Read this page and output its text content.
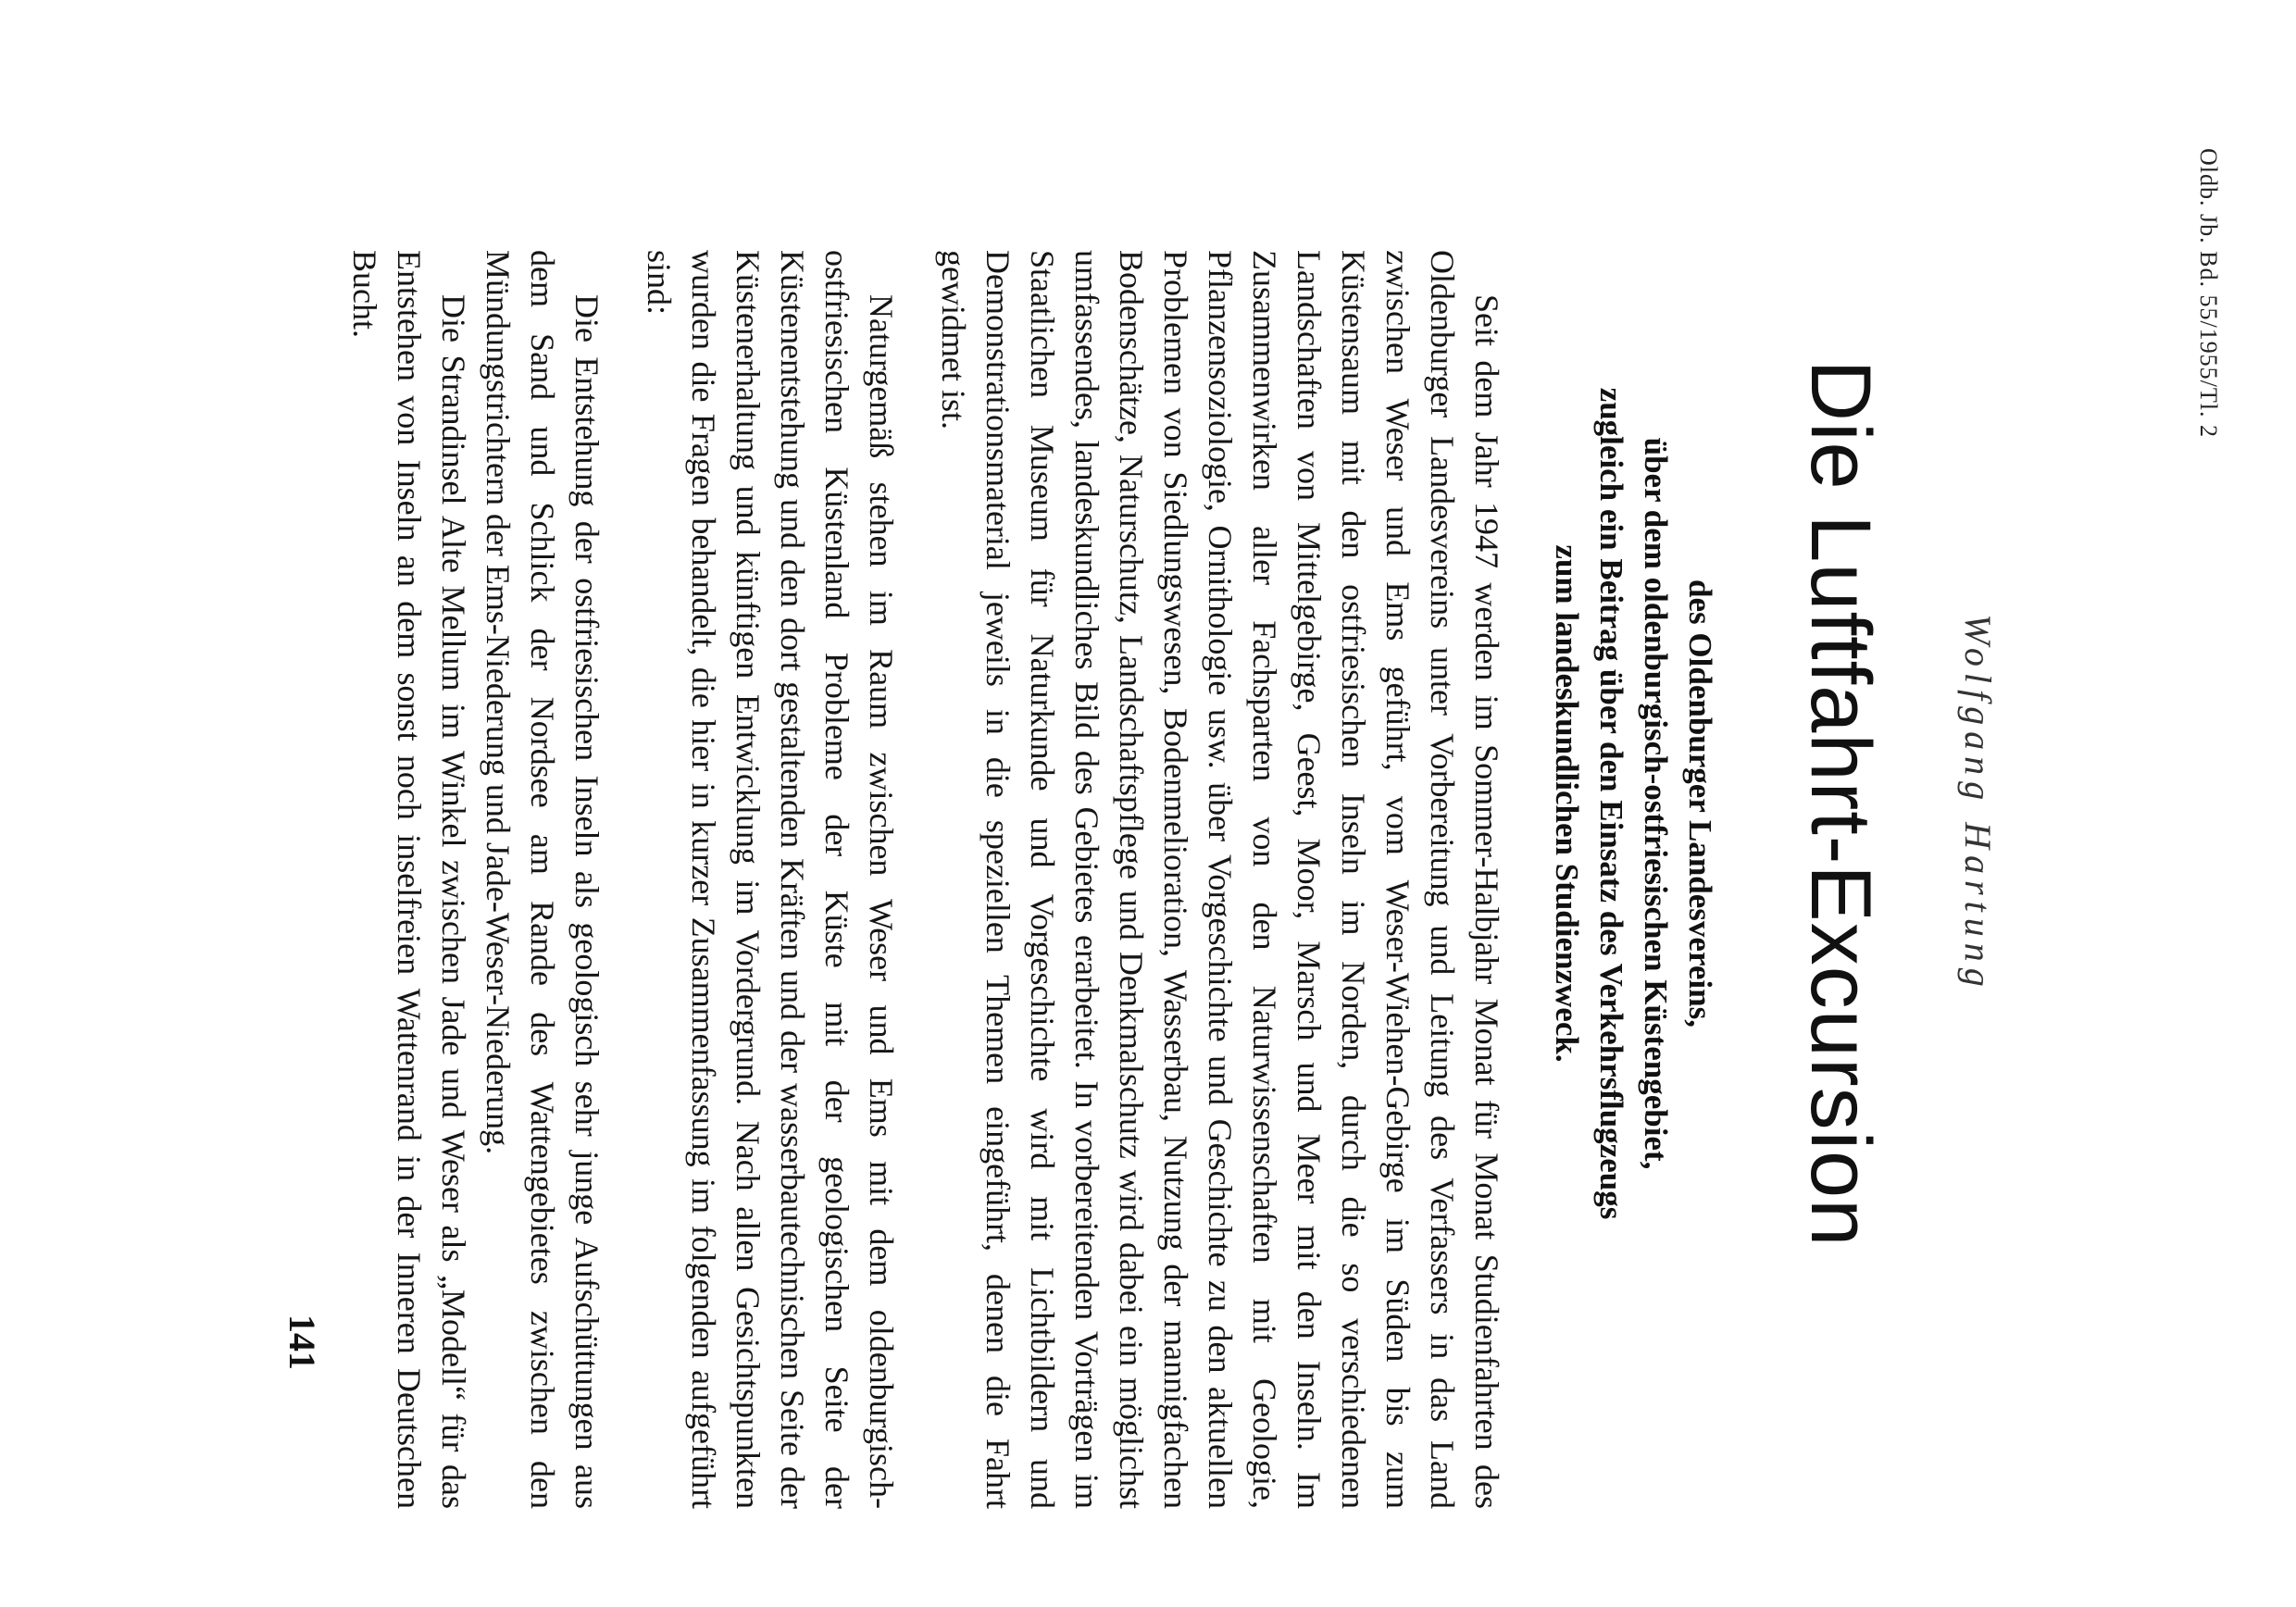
Oldb. Jb. Bd. 55/1955/Tl. 2
Wolfgang Hartung
Die Luftfahrt-Excursion
des Oldenburger Landesvereins,
über dem oldenburgisch-ostfriesischen Küstengebiet,
zugleich ein Beitrag über den Einsatz des Verkehrsflugzeugs
zum landeskundlichen Studienzweck.

Seit dem Jahr 1947 werden im Sommer-Halbjahr Monat für Monat Studienfahrten des Oldenburger Landesvereins unter Vorbereitung und Leitung des Verfassers in das Land zwischen Weser und Ems geführt, vom Weser-Wiehen-Gebirge im Süden bis zum Küstensaum mit den ostfriesischen Inseln im Norden, durch die so verschiedenen Landschaften von Mittelgebirge, Geest, Moor, Marsch und Meer mit den Inseln. Im Zusammenwirken aller Fachsparten von den Naturwissenschaften mit Geologie, Pflanzensoziologie, Ornithologie usw. über Vorgeschichte und Geschichte zu den aktuellen Problemen von Siedlungswesen, Bodenmelioration, Wasserbau, Nutzung der mannigfachen Bodenschätze, Naturschutz, Landschaftspflege und Denkmalschutz wird dabei ein möglichst umfassendes, landeskundliches Bild des Gebietes erarbeitet. In vorbereitenden Vorträgen im Staatlichen Museum für Naturkunde und Vorgeschichte wird mit Lichtbildern und Demonstrationsmaterial jeweils in die speziellen Themen eingeführt, denen die Fahrt gewidmet ist.

Naturgemäß stehen im Raum zwischen Weser und Ems mit dem oldenburgisch-ostfriesischen Küstenland Probleme der Küste mit der geologischen Seite der Küstenentstehung und den dort gestaltenden Kräften und der wasserbautechnischen Seite der Küstenerhaltung und künftigen Entwicklung im Vordergrund. Nach allen Gesichtspunkten wurden die Fragen behandelt, die hier in kurzer Zusammenfassung im folgenden aufgeführt sind:

Die Entstehung der ostfriesischen Inseln als geologisch sehr junge Aufschüttungen aus dem Sand und Schlick der Nordsee am Rande des Wattengebietes zwischen den Mündungstrichtern der Ems-Niederung und Jade-Weser-Niederung.

Die Strandinsel Alte Mellum im Winkel zwischen Jade und Weser als „Modell“ für das Entstehen von Inseln an dem sonst noch inselfreien Wattenrand in der Inneren Deutschen Bucht.

141
